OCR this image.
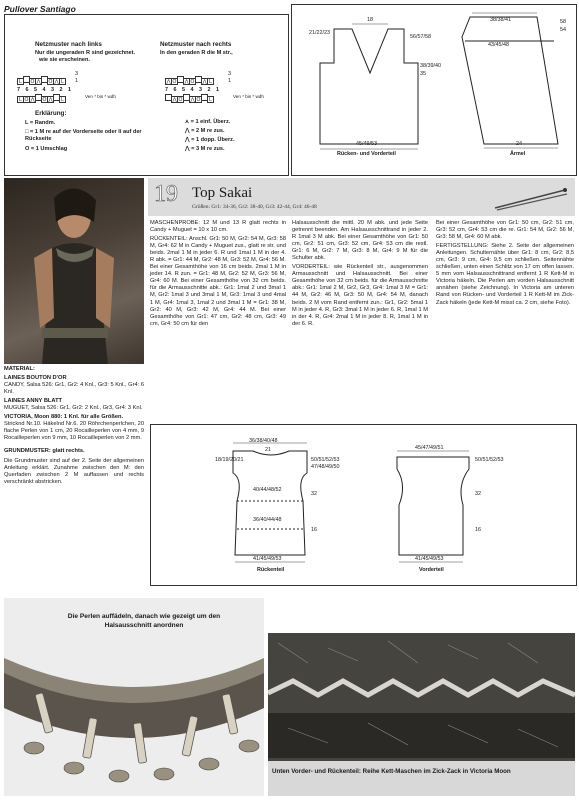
Pullover Santiago
Netzmuster nach links
Nur die ungeraden R sind gezeichnet.
wie sie erscheinen.
Netzmuster nach rechts
In den geraden R die M str.,
L O ⋀ O ⋀ L
L O ⋀ O ⋀ L
3
1
7 6 5 4 3 2 1
Ven * bis * wdh
⋀ O ⋀ O ⋀ L
⋀ O ⋀ O L
3
1
7 6 5 4 3 2 1
Ven * bis * wdh
Erklärung:
L = Randm.
□ = 1 M re auf der Vorderseite oder li auf der Rückseite
O = 1 Umschlag
⋏ = 1 einf. Überz.
⋀ = 2 M re zus.
⋀ = 1 dopp. Überz.
⋀ = 3 M re zus.
18
21/22/23
56/57/58
38/39/40
35
45/49/53
Rücken- und Vorderteil
38/38/41
43/45/48
58
54
24
Ärmel
19 Top Sakai
Größen: Gr1: 34-36, Gr2: 38-40, Gr3: 42-44, Gr4: 46-48

MATERIAL:

LAINES BOUTON D'OR

CANDY, Salsa 526: Gr1, Gr2: 4 Knl., Gr3: 5 Knl., Gr4: 6 Knl.

LAINES ANNY BLATT

MUGUET, Salsa 526: Gr1, Gr2: 2 Knl., Gr3, Gr4: 3 Knl.

VICTORIA, Moon 880: 1 Knl. für alle Größen.

Stricknd Nr.10. Häkelnd Nr.6. 20 Röhrchenperlchen, 20 flache Perlen von 1 cm, 20 Rocailleperlen von 4 mm, 9 Rocailleperlen von 9 mm, 10 Rocailleperlen von 2 mm.

GRUNDMUSTER: glatt rechts.

Die Grundmuster sind auf der 2. Seite der allgemeinen Anleitung erklärt. Zunahme zwischen den M: den Querfaden zwischen 2 M auffassen und rechts verschränkt abstricken.

MASCHENPROBE: 12 M und 13 R glatt rechts in Candy + Muguet = 10 x 10 cm.

RÜCKENTEIL: Anschl. Gr1: 50 M, Gr2: 54 M, Gr3: 58 M, Gr4: 62 M in Candy + Muguet zus., glatt re str. und beids. 2mal 1 M in jeder 6. R und 1mal 1 M in der 4. R abk. = Gr1: 44 M, Gr2: 48 M, Gr3: 52 M, Gr4: 56 M. Bei einer Gesamthöhe von 16 cm beids. 2mal 1 M in jeder 14. R zun. = Gr1: 48 M, Gr2: 52 M, Gr3: 56 M, Gr4: 60 M. Bei einer Gesamthöhe von 32 cm beids. für die Armausschnitte abk.: Gr1: 1mal 2 und 3mal 1 M, Gr2: 1mal 3 und 3mal 1 M, Gr3: 1mal 3 und 4mal 1 M, Gr4: 1mal 3, 1mal 2 und 3mal 1 M = Gr1: 38 M, Gr2: 40 M, Gr3: 42 M, Gr4: 44 M. Bei einer Gesamthöhe von Gr1: 47 cm, Gr2: 48 cm, Gr3: 49 cm, Gr4: 50 cm für den

Halsausschnitt die mittl. 20 M abk. und jede Seite getrennt beenden. Am Halsausschnittrand in jeder 2. R 1mal 3 M abk. Bei einer Gesamthöhe von Gr1: 50 cm, Gr2: 51 cm, Gr3: 52 cm, Gr4: 53 cm die restl. Gr1: 6 M, Gr2: 7 M, Gr3: 8 M, Gr4: 9 M für die Schulter abk.

VORDERTEIL: wie Rückenteil str., ausgenommen Armausschnitt und Halsausschnitt. Bei einer Gesamthöhe von 32 cm beids. für die Armausschnitte abk.: Gr1: 1mal 2 M, Gr2, Gr3, Gr4: 1mal 3 M = Gr1: 44 M, Gr2: 46 M, Gr3: 50 M, Gr4: 54 M, danach beids. 2 M vom Rand entfernt zun.: Gr1, Gr2: 5mal 1 M in jeder 4. R, Gr3: 3mal 1 M in jeder 6. R, 1mal 1 M in der 4. R, Gr4: 2mal 1 M in jeder 8. R, 1mal 1 M in der 6. R.

Bei einer Gesamthöhe von Gr1: 50 cm, Gr2: 51 cm, Gr3: 52 cm, Gr4: 53 cm die re. Gr1: 54 M, Gr2: 56 M, Gr3: 58 M, Gr4: 60 M abk.

FERTIGSTELLUNG: Siehe 2. Seite der allgemeinen Anleitungen. Schulternähte über Gr1: 8 cm, Gr2: 8,5 cm, Gr3: 9 cm, Gr4: 9,5 cm schließen. Seitennähte schließen, unten einen Schlitz von 17 cm offen lassen. 5 mm vom Halsausschnittrand entfernt 1 R Kett-M in Victoria häkeln. Die Perlen am vorden Halsausschnitt annähen (siehe Zeichnung). In Victoria am unteren Rand von Rücken- und Vorderteil 1 R Kett-M im Zick-Zack häkeln (jede Kett-M misst ca. 2 cm, siehe Foto).

36/38/40/48
21
18/19/20/21	50/51/52/53
47/48/49/50
40/44/48/52
32
36/40/44/48
16
41/45/49/53
Rückenteil
45/47/49/51
50/51/52/53
32
16
41/45/49/53
Vorderteil
Die Perlen auffädeln, danach wie gezeigt um den Halsausschnitt anordnen
Unten Vorder- und Rückenteil: Reihe Kett-Maschen im Zick-Zack in Victoria Moon
